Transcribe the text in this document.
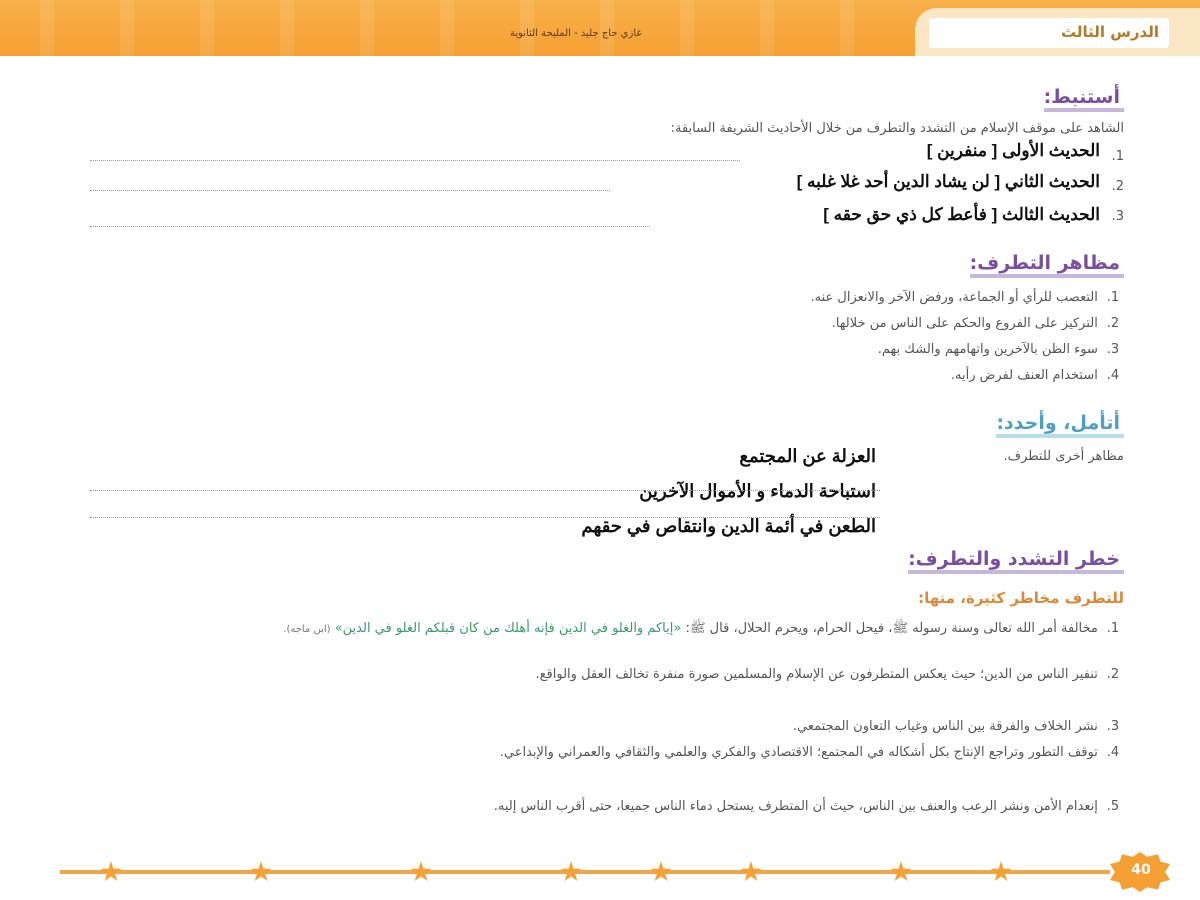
غازي حاج جليد - المليحة الثانوية	الدرس الثالث
أستنبط:
الشاهد على موقف الإسلام من التشدد والتطرف من خلال الأحاديث الشريفة السابقة:
1.
الحديث الأولى [ منفرين ]
2.
الحديث الثاني [ لن يشاد الدين أحد غلا غلبه ]
3.
الحديث الثالث [ فأعط كل ذي حق حقه ]
مظاهر التطرف:
1. التعصب للرأي أو الجماعة، ورفض الآخر والانعزال عنه.
2. التركيز على الفروع والحكم على الناس من خلالها.
3. سوء الظن بالآخرين واتهامهم والشك بهم.
4. استخدام العنف لفرض رأيه.
أتأمل، وأحدد:
مظاهر أخرى للتطرف.
العزلة عن المجتمع
استباحة الدماء و الأموال الآخرين
الطعن في أئمة الدين وانتقاص في حقهم
خطر التشدد والتطرف:
للتطرف مخاطر كثيرة، منها:
1. مخالفة أمر الله تعالى وسنة رسوله ﷺ، فيحل الحرام، ويحرم الحلال، قال ﷺ: «إياكم والغلو في الدين فإنه أهلك من كان قبلكم الغلو في الدين» (ابن ماجه).
2. تنفير الناس من الدين؛ حيث يعكس المتطرفون عن الإسلام والمسلمين صورة منفرة تخالف العقل والواقع.
3. نشر الخلاف والفرقة بين الناس وغياب التعاون المجتمعي.
4. توقف التطور وتراجع الإنتاج بكل أشكاله في المجتمع؛ الاقتصادي والفكري والعلمي والثقافي والعمراني والإبداعي.
5. إنعدام الأمن ونشر الرعب والعنف بين الناس، حيث أن المتطرف يستحل دماء الناس جميعا، حتى أقرب الناس إليه.
40
